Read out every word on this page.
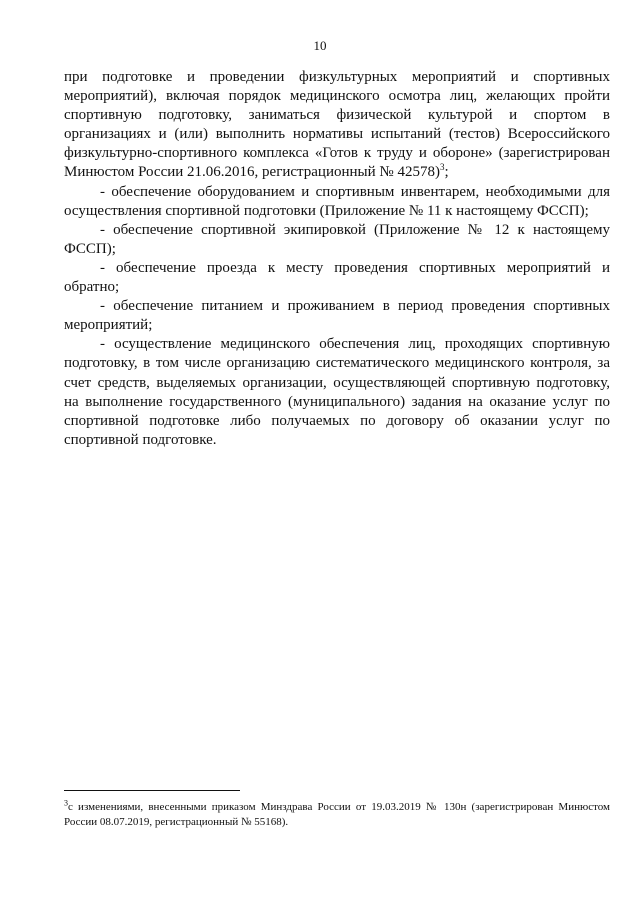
10

при подготовке и проведении физкультурных мероприятий и спортивных мероприятий), включая порядок медицинского осмотра лиц, желающих пройти спортивную подготовку, заниматься физической культурой и спортом в организациях и (или) выполнить нормативы испытаний (тестов) Всероссийского физкультурно-спортивного комплекса «Готов к труду и обороне» (зарегистрирован Минюстом России 21.06.2016, регистрационный № 42578)$^3$;

- обеспечение оборудованием и спортивным инвентарем, необходимыми для осуществления спортивной подготовки (Приложение № 11 к настоящему ФССП);

- обеспечение спортивной экипировкой (Приложение № 12 к настоящему ФССП);

- обеспечение проезда к месту проведения спортивных мероприятий и обратно;

- обеспечение питанием и проживанием в период проведения спортивных мероприятий;

- осуществление медицинского обеспечения лиц, проходящих спортивную подготовку, в том числе организацию систематического медицинского контроля, за счет средств, выделяемых организации, осуществляющей спортивную подготовку, на выполнение государственного (муниципального) задания на оказание услуг по спортивной подготовке либо получаемых по договору об оказании услуг по спортивной подготовке.

$^3$с изменениями, внесенными приказом Минздрава России от 19.03.2019 № 130н (зарегистрирован Минюстом России 08.07.2019, регистрационный № 55168).
